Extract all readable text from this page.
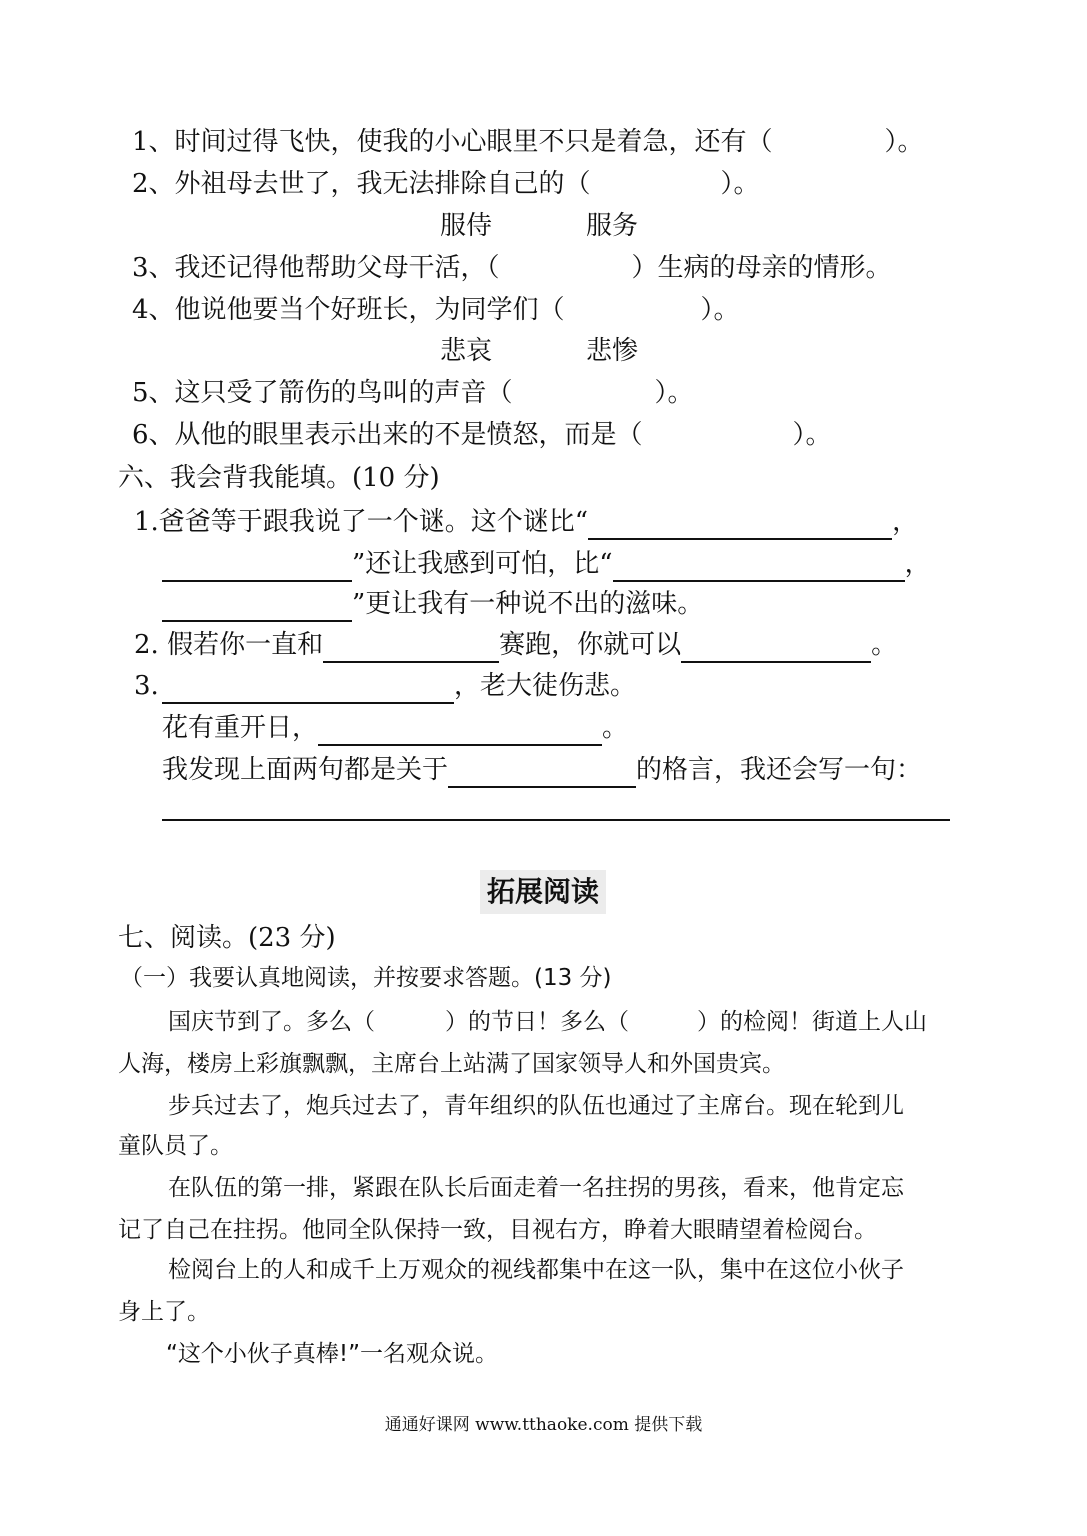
1、时间过得飞快，使我的小心眼里不只是着急，还有（	）。
2、外祖母去世了，我无法排除自己的（	）。
服侍	服务
3、我还记得他帮助父母干活，（	）生病的母亲的情形。
4、他说他要当个好班长，为同学们（	）。
悲哀	悲惨
5、这只受了箭伤的鸟叫的声音（	）。
6、从他的眼里表示出来的不是愤怒，而是（	）。
六、我会背我能填。(10 分)
1.爸爸等于跟我说了一个谜。这个谜比“	，
”还让我感到可怕，比“	，
”更让我有一种说不出的滋味。
2. 假若你一直和	赛跑，你就可以	。
3.	，老大徒伤悲。
花有重开日，	。
我发现上面两句都是关于	的格言，我还会写一句：
拓展阅读
七、阅读。(23 分)
（一）我要认真地阅读，并按要求答题。(13 分)
国庆节到了。多么（	）的节日！多么（	）的检阅！街道上人山
人海，楼房上彩旗飘飘，主席台上站满了国家领导人和外国贵宾。
步兵过去了，炮兵过去了，青年组织的队伍也通过了主席台。现在轮到儿
童队员了。
在队伍的第一排，紧跟在队长后面走着一名拄拐的男孩，看来，他肯定忘
记了自己在拄拐。他同全队保持一致，目视右方，睁着大眼睛望着检阅台。
检阅台上的人和成千上万观众的视线都集中在这一队，集中在这位小伙子
身上了。
“这个小伙子真棒!”一名观众说。
通通好课网 www.tthaoke.com 提供下载
